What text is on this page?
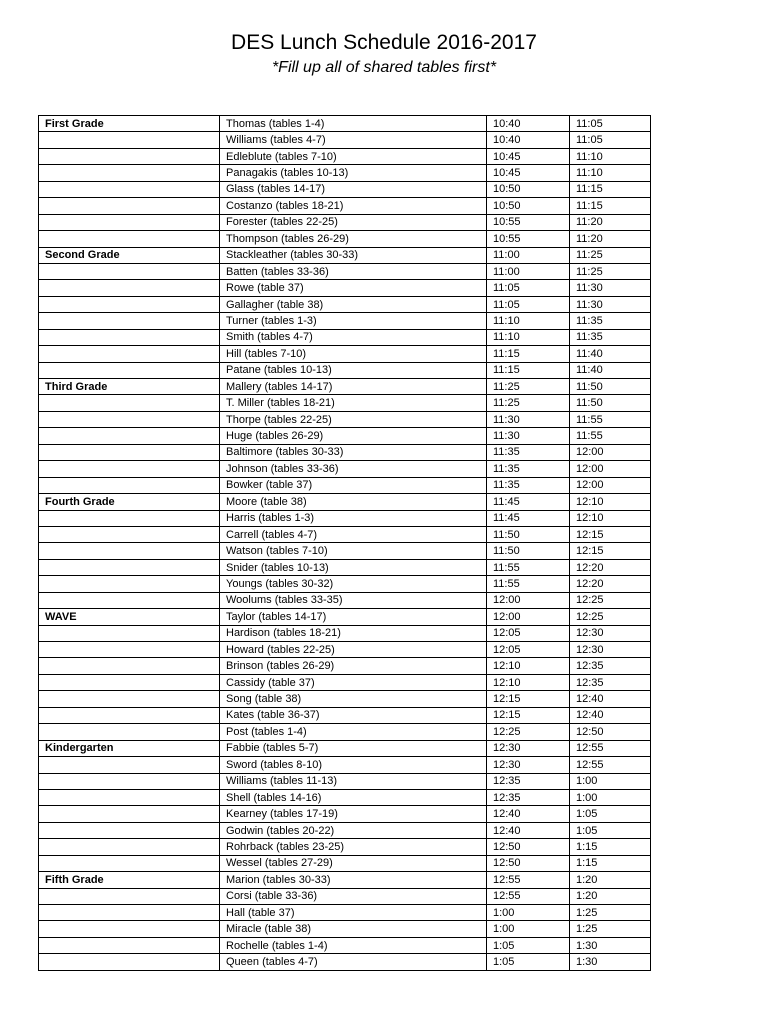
DES Lunch Schedule 2016-2017
*Fill up all of shared tables first*
First Grade	Thomas (tables 1-4)	10:40	11:05
	Williams (tables 4-7)	10:40	11:05
	Edleblute (tables 7-10)	10:45	11:10
	Panagakis (tables 10-13)	10:45	11:10
	Glass (tables 14-17)	10:50	11:15
	Costanzo (tables 18-21)	10:50	11:15
	Forester (tables 22-25)	10:55	11:20
	Thompson (tables 26-29)	10:55	11:20
Second Grade	Stackleather (tables 30-33)	11:00	11:25
	Batten (tables 33-36)	11:00	11:25
	Rowe (table 37)	11:05	11:30
	Gallagher (table 38)	11:05	11:30
	Turner (tables 1-3)	11:10	11:35
	Smith (tables 4-7)	11:10	11:35
	Hill (tables 7-10)	11:15	11:40
	Patane (tables 10-13)	11:15	11:40
Third Grade	Mallery (tables 14-17)	11:25	11:50
	T. Miller (tables 18-21)	11:25	11:50
	Thorpe (tables 22-25)	11:30	11:55
	Huge (tables 26-29)	11:30	11:55
	Baltimore (tables 30-33)	11:35	12:00
	Johnson (tables 33-36)	11:35	12:00
	Bowker (table 37)	11:35	12:00
Fourth Grade	Moore (table 38)	11:45	12:10
	Harris (tables 1-3)	11:45	12:10
	Carrell (tables 4-7)	11:50	12:15
	Watson (tables 7-10)	11:50	12:15
	Snider (tables 10-13)	11:55	12:20
	Youngs (tables 30-32)	11:55	12:20
	Woolums (tables 33-35)	12:00	12:25
WAVE	Taylor (tables 14-17)	12:00	12:25
	Hardison (tables 18-21)	12:05	12:30
	Howard (tables 22-25)	12:05	12:30
	Brinson (tables 26-29)	12:10	12:35
	Cassidy (table 37)	12:10	12:35
	Song (table 38)	12:15	12:40
	Kates (table 36-37)	12:15	12:40
	Post (tables 1-4)	12:25	12:50
Kindergarten	Fabbie (tables 5-7)	12:30	12:55
	Sword (tables 8-10)	12:30	12:55
	Williams (tables 11-13)	12:35	1:00
	Shell (tables 14-16)	12:35	1:00
	Kearney (tables 17-19)	12:40	1:05
	Godwin (tables 20-22)	12:40	1:05
	Rohrback (tables 23-25)	12:50	1:15
	Wessel (tables 27-29)	12:50	1:15
Fifth Grade	Marion (tables 30-33)	12:55	1:20
	Corsi (table 33-36)	12:55	1:20
	Hall (table 37)	1:00	1:25
	Miracle (table 38)	1:00	1:25
	Rochelle (tables 1-4)	1:05	1:30
	Queen (tables 4-7)	1:05	1:30
